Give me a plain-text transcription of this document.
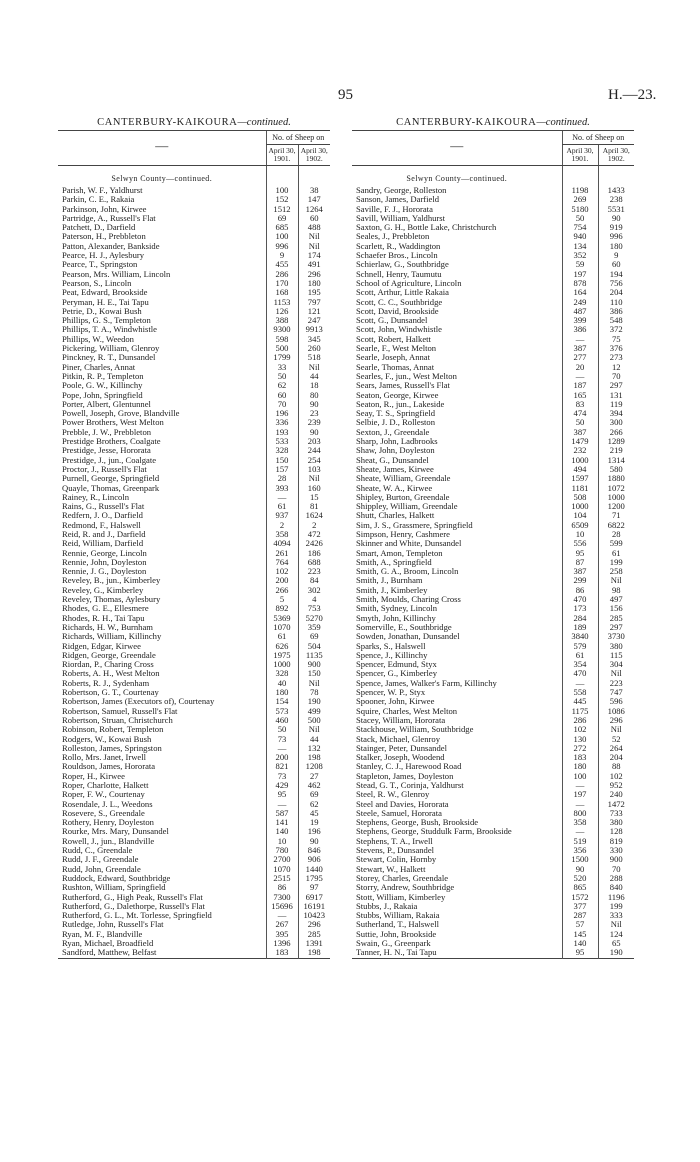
95	H.—23.
CANTERBURY-KAIKOURA—continued.		
—	No. of Sheep on	
	April 30, 1901.	April 30, 1902.
Selwyn County—continued.		
Parish, W. F., Yaldhurst	100	38
Parkin, C. E., Rakaia	152	147
Parkinson, John, Kirwee	1512	1264
Partridge, A., Russell's Flat	69	60
Patchett, D., Darfield	685	488
Paterson, H., Prebbleton	100	Nil
Patton, Alexander, Bankside	996	Nil
Pearce, H. J., Aylesbury	9	174
Pearce, T., Springston	455	491
Pearson, Mrs. William, Lincoln	286	296
Pearson, S., Lincoln	170	180
Peat, Edward, Brookside	168	195
Peryman, H. E., Tai Tapu	1153	797
Petrie, D., Kowai Bush	126	121
Phillips, G. S., Templeton	388	247
Phillips, T. A., Windwhistle	9300	9913
Phillips, W., Weedon	598	345
Pickering, William, Glenroy	500	260
Pinckney, R. T., Dunsandel	1799	518
Piner, Charles, Annat	33	Nil
Pitkin, R. P., Templeton	50	44
Poole, G. W., Killinchy	62	18
Pope, John, Springfield	60	80
Porter, Albert, Glentunnel	70	90
Powell, Joseph, Grove, Blandville	196	23
Power Brothers, West Melton	336	239
Prebble, J. W., Prebbleton	193	90
Prestidge Brothers, Coalgate	533	203
Prestidge, Jesse, Hororata	328	244
Prestidge, J., jun., Coalgate	150	254
Proctor, J., Russell's Flat	157	103
Purnell, George, Springfield	28	Nil
Quayle, Thomas, Greenpark	393	160
Rainey, R., Lincoln	—	15
Rains, G., Russell's Flat	61	81
Redfern, J. O., Darfield	937	1624
Redmond, F., Halswell	2	2
Reid, R. and J., Darfield	358	472
Reid, William, Darfield	4094	2426
Rennie, George, Lincoln	261	186
Rennie, John, Doyleston	764	688
Rennie, J. G., Doyleston	102	223
Reveley, B., jun., Kimberley	200	84
Reveley, G., Kimberley	266	302
Reveley, Thomas, Aylesbury	5	4
Rhodes, G. E., Ellesmere	892	753
Rhodes, R. H., Tai Tapu	5369	5270
Richards, H. W., Burnham	1070	359
Richards, William, Killinchy	61	69
Ridgen, Edgar, Kirwee	626	504
Ridgen, George, Greendale	1975	1135
Riordan, P., Charing Cross	1000	900
Roberts, A. H., West Melton	328	150
Roberts, R. J., Sydenham	40	Nil
Robertson, G. T., Courtenay	180	78
Robertson, James (Executors of), Courtenay	154	190
Robertson, Samuel, Russell's Flat	573	499
Robertson, Struan, Christchurch	460	500
Robinson, Robert, Templeton	50	Nil
Rodgers, W., Kowai Bush	73	44
Rolleston, James, Springston	—	132
Rollo, Mrs. Janet, Irwell	200	198
Rouldson, James, Hororata	821	1208
Roper, H., Kirwee	73	27
Roper, Charlotte, Halkett	429	462
Roper, F. W., Courtenay	95	69
Rosendale, J. L., Weedons	—	62
Rosevere, S., Greendale	587	45
Rothery, Henry, Doyleston	141	19
Rourke, Mrs. Mary, Dunsandel	140	196
Rowell, J., jun., Blandville	10	90
Rudd, C., Greendale	780	846
Rudd, J. F., Greendale	2700	906
Rudd, John, Greendale	1070	1440
Ruddock, Edward, Southbridge	2515	1795
Rushton, William, Springfield	86	97
Rutherford, G., High Peak, Russell's Flat	7300	6917
Rutherford, G., Dalethorpe, Russell's Flat	15696	16191
Rutherford, G. L., Mt. Torlesse, Springfield	—	10423
Rutledge, John, Russell's Flat	267	296
Ryan, M. F., Blandville	395	285
Ryan, Michael, Broadfield	1396	1391
Sandford, Matthew, Belfast	183	198

CANTERBURY-KAIKOURA—continued.		
—	No. of Sheep on	
	April 30, 1901.	April 30, 1902.
Selwyn County—continued.		
Sandry, George, Rolleston	1198	1433
Sanson, James, Darfield	269	238
Saville, F. J., Hororata	5180	5531
Savill, William, Yaldhurst	50	90
Saxton, G. H., Bottle Lake, Christchurch	754	919
Seales, J., Prebbleton	940	996
Scarlett, R., Waddington	134	180
Schaefer Bros., Lincoln	352	9
Schierlaw, G., Southbridge	59	60
Schnell, Henry, Taumutu	197	194
School of Agriculture, Lincoln	878	756
Scott, Arthur, Little Rakaia	164	204
Scott, C. C., Southbridge	249	110
Scott, David, Brookside	487	386
Scott, G., Dunsandel	399	548
Scott, John, Windwhistle	386	372
Scott, Robert, Halkett	—	75
Searle, F., West Melton	387	376
Searle, Joseph, Annat	277	273
Searle, Thomas, Annat	20	12
Searles, F., jun., West Melton	—	70
Sears, James, Russell's Flat	187	297
Seaton, George, Kirwee	165	131
Seaton, R., jun., Lakeside	83	119
Seay, T. S., Springfield	474	394
Selbie, J. D., Rolleston	50	300
Sexton, J., Greendale	387	266
Sharp, John, Ladbrooks	1479	1289
Shaw, John, Doyleston	232	219
Sheat, G., Dunsandel	1000	1314
Sheate, James, Kirwee	494	580
Sheate, William, Greendale	1597	1880
Sheate, W. A., Kirwee	1181	1072
Shipley, Burton, Greendale	508	1000
Shippley, William, Greendale	1000	1200
Shutt, Charles, Halkett	104	71
Sim, J. S., Grassmere, Springfield	6509	6822
Simpson, Henry, Cashmere	10	28
Skinner and White, Dunsandel	556	599
Smart, Amon, Templeton	95	61
Smith, A., Springfield	87	199
Smith, G. A., Broom, Lincoln	387	258
Smith, J., Burnham	299	Nil
Smith, J., Kimberley	86	98
Smith, Moulds, Charing Cross	470	497
Smith, Sydney, Lincoln	173	156
Smyth, John, Killinchy	284	285
Somerville, E., Southbridge	189	297
Sowden, Jonathan, Dunsandel	3840	3730
Sparks, S., Halswell	579	380
Spence, J., Killinchy	61	115
Spencer, Edmund, Styx	354	304
Spencer, G., Kimberley	470	Nil
Spence, James, Walker's Farm, Killinchy	—	223
Spencer, W. P., Styx	558	747
Spooner, John, Kirwee	445	596
Squire, Charles, West Melton	1175	1086
Stacey, William, Hororata	286	296
Stackhouse, William, Southbridge	102	Nil
Stack, Michael, Glenroy	130	52
Stainger, Peter, Dunsandel	272	264
Stalker, Joseph, Woodend	183	204
Stanley, C. J., Harewood Road	180	88
Stapleton, James, Doyleston	100	102
Stead, G. T., Corinja, Yaldhurst	—	952
Steel, R. W., Glenroy	197	240
Steel and Davies, Hororata	—	1472
Steele, Samuel, Hororata	800	733
Stephens, George, Bush, Brookside	358	380
Stephens, George, Studdulk Farm, Brookside	—	128
Stephens, T. A., Irwell	519	819
Stevens, P., Dunsandel	356	330
Stewart, Colin, Hornby	1500	900
Stewart, W., Halkett	90	70
Storey, Charles, Greendale	520	288
Storry, Andrew, Southbridge	865	840
Stott, William, Kimberley	1572	1196
Stubbs, J., Rakaia	377	199
Stubbs, William, Rakaia	287	333
Sutherland, T., Halswell	57	Nil
Suttie, John, Brookside	145	124
Swain, G., Greenpark	140	65
Tanner, H. N., Tai Tapu	95	190
